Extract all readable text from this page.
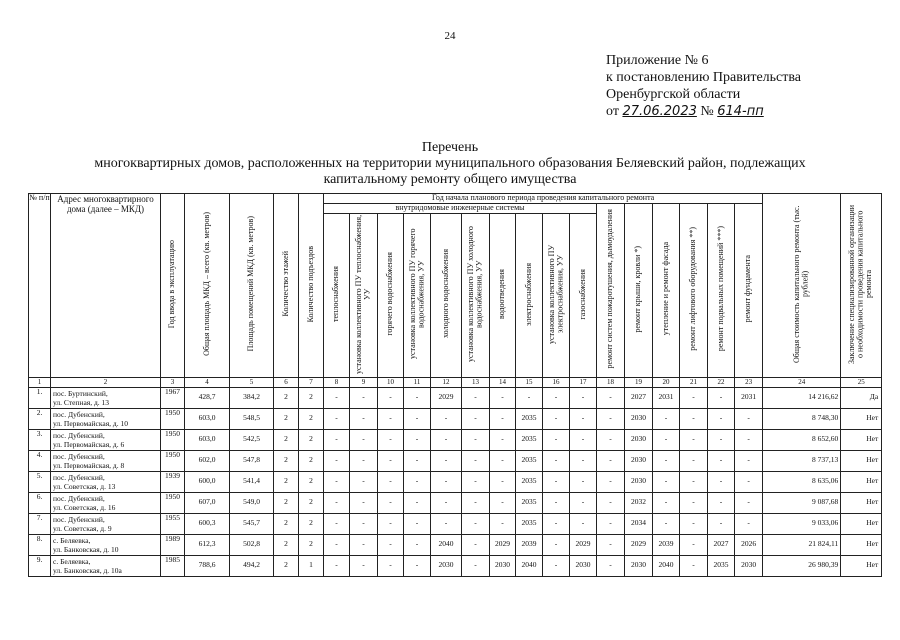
24
Приложение № 6
к постановлению Правительства
Оренбургской области
от 27.06.2023 № 614-пп
Перечень
многоквартирных домов, расположенных на территории муниципального образования Беляевский район, подлежащих
капитальному ремонту общего имущества
№ п/п	Адрес многоквартирного дома (далее – МКД)	Год ввода в эксплуатацию	Общая площадь МКД – всего (кв. метров)	Площадь помещений МКД (кв. метров)	Количество этажей	Количество подъездов	Год начала планового периода проведения капитального ремонта																Общая стоимость капитального ремонта (тыс. рублей)	Заключение специализированной организации о необходимости проведения капитального ремонта
							внутридомовые инженерные системы										ремонт систем пожаротушения, дымоудаления	ремонт крыши, кровли *)	утепление и ремонт фасада	ремонт лифтового оборудования **)	ремонт подвальных помещений ***)	ремонт фундамента		
							теплоснабжения	установка коллективного ПУ теплоснабжения, УУ	горячего водоснабжения	установка коллективного ПУ горячего водоснабжения, УУ	холодного водоснабжения	установка коллективного ПУ холодного водоснабжения, УУ	водоотведения	электроснабжения	установка коллективного ПУ электроснабжения, УУ	газоснабжения								
1	2	3	4	5	6	7	8	9	10	11	12	13	14	15	16	17	18	19	20	21	22	23	24	25
1.	пос. Буртинский,
ул. Степная, д. 13	1967	428,7	384,2	2	2	-	-	-	-	2029	-	-	-	-	-	-	2027	2031	-	-	2031	14 216,62	Да
2.	пос. Дубенский,
ул. Первомайская, д. 10	1950	603,0	548,5	2	2	-	-	-	-	-	-	-	2035	-	-	-	2030	-	-	-	-	8 748,30	Нет
3.	пос. Дубенский,
ул. Первомайская, д. 6	1950	603,0	542,5	2	2	-	-	-	-	-	-	-	2035	-	-	-	2030	-	-	-	-	8 652,60	Нет
4.	пос. Дубенский,
ул. Первомайская, д. 8	1950	602,0	547,8	2	2	-	-	-	-	-	-	-	2035	-	-	-	2030	-	-	-	-	8 737,13	Нет
5.	пос. Дубенский,
ул. Советская, д. 13	1939	600,0	541,4	2	2	-	-	-	-	-	-	-	2035	-	-	-	2030	-	-	-	-	8 635,06	Нет
6.	пос. Дубенский,
ул. Советская, д. 16	1950	607,0	549,0	2	2	-	-	-	-	-	-	-	2035	-	-	-	2032	-	-	-	-	9 087,68	Нет
7.	пос. Дубенский,
ул. Советская, д. 9	1955	600,3	545,7	2	2	-	-	-	-	-	-	-	2035	-	-	-	2034	-	-	-	-	9 033,06	Нет
8.	с. Беляевка,
ул. Банковская, д. 10	1989	612,3	502,8	2	2	-	-	-	-	2040	-	2029	2039	-	2029	-	2029	2039	-	2027	2026	21 824,11	Нет
9.	с. Беляевка,
ул. Банковская, д. 10а	1985	788,6	494,2	2	1	-	-	-	-	2030	-	2030	2040	-	2030	-	2030	2040	-	2035	2030	26 980,39	Нет
